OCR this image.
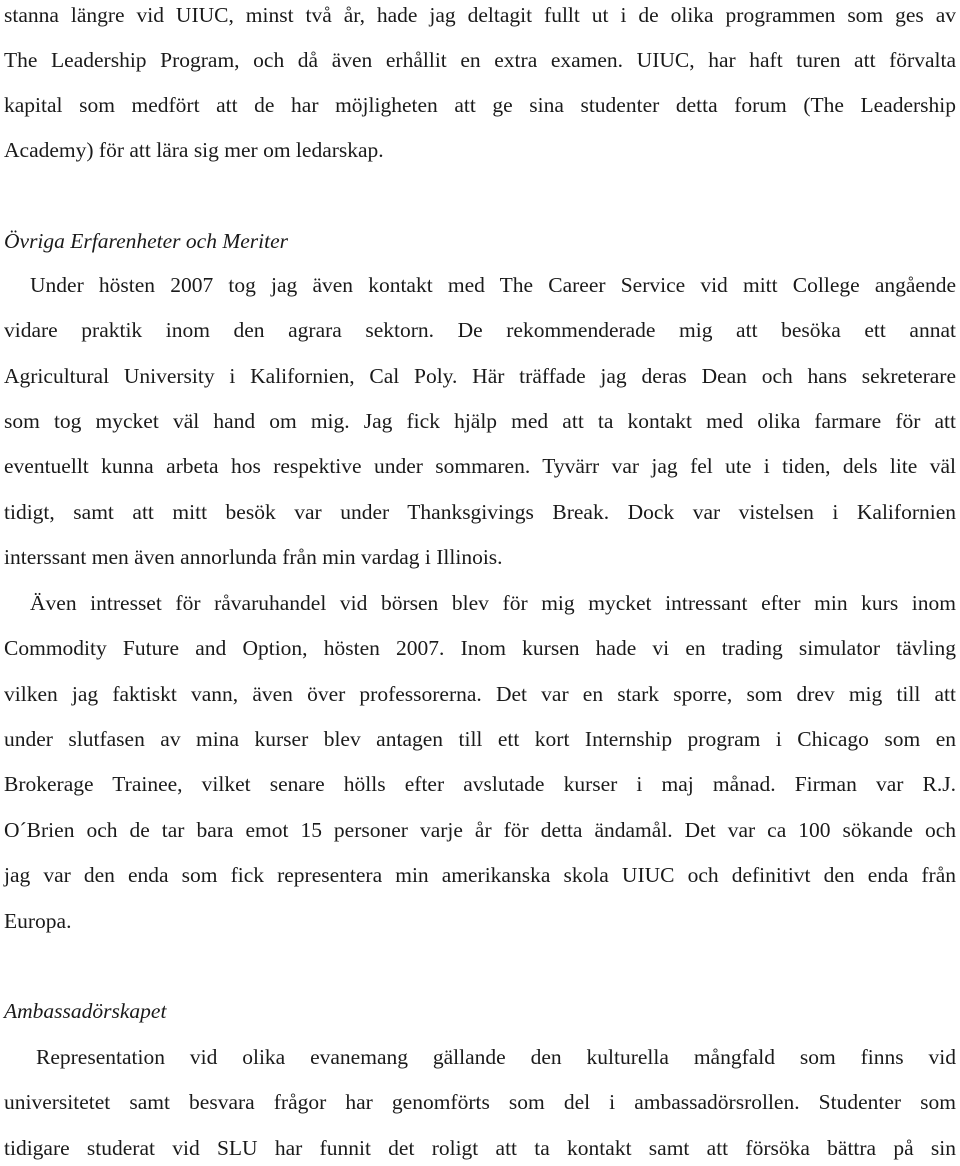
stanna längre vid UIUC, minst två år, hade jag deltagit fullt ut i de olika programmen som ges av
The Leadership Program, och då även erhållit en extra examen. UIUC, har haft turen att förvalta
kapital som medfört att de har möjligheten att ge sina studenter detta forum (The Leadership
Academy) för att lära sig mer om ledarskap.
Övriga Erfarenheter och Meriter
Under hösten 2007 tog jag även kontakt med The Career Service vid mitt College angående
vidare praktik inom den agrara sektorn. De rekommenderade mig att besöka ett annat
Agricultural University i Kalifornien, Cal Poly. Här träffade jag deras Dean och hans sekreterare
som tog mycket väl hand om mig. Jag fick hjälp med att ta kontakt med olika farmare för att
eventuellt kunna arbeta hos respektive under sommaren. Tyvärr var jag fel ute i tiden, dels lite väl
tidigt, samt att mitt besök var under Thanksgivings Break. Dock var vistelsen i Kalifornien
interssant men även annorlunda från min vardag i Illinois.
Även intresset för råvaruhandel vid börsen blev för mig mycket intressant efter min kurs inom
Commodity Future and Option, hösten 2007. Inom kursen hade vi en trading simulator tävling
vilken jag faktiskt vann, även över professorerna. Det var en stark sporre, som drev mig till att
under slutfasen av mina kurser blev antagen till ett kort Internship program i Chicago som en
Brokerage Trainee, vilket senare hölls efter avslutade kurser i maj månad. Firman var R.J.
O´Brien och de tar bara emot 15 personer varje år för detta ändamål. Det var ca 100 sökande och
jag var den enda som fick representera min amerikanska skola UIUC och definitivt den enda från
Europa.
Ambassadörskapet
Representation vid olika evanemang gällande den kulturella mångfald som finns vid
universitetet samt besvara frågor har genomförts som del i ambassadörsrollen. Studenter som
tidigare studerat vid SLU har funnit det roligt att ta kontakt samt att försöka bättra på sin
